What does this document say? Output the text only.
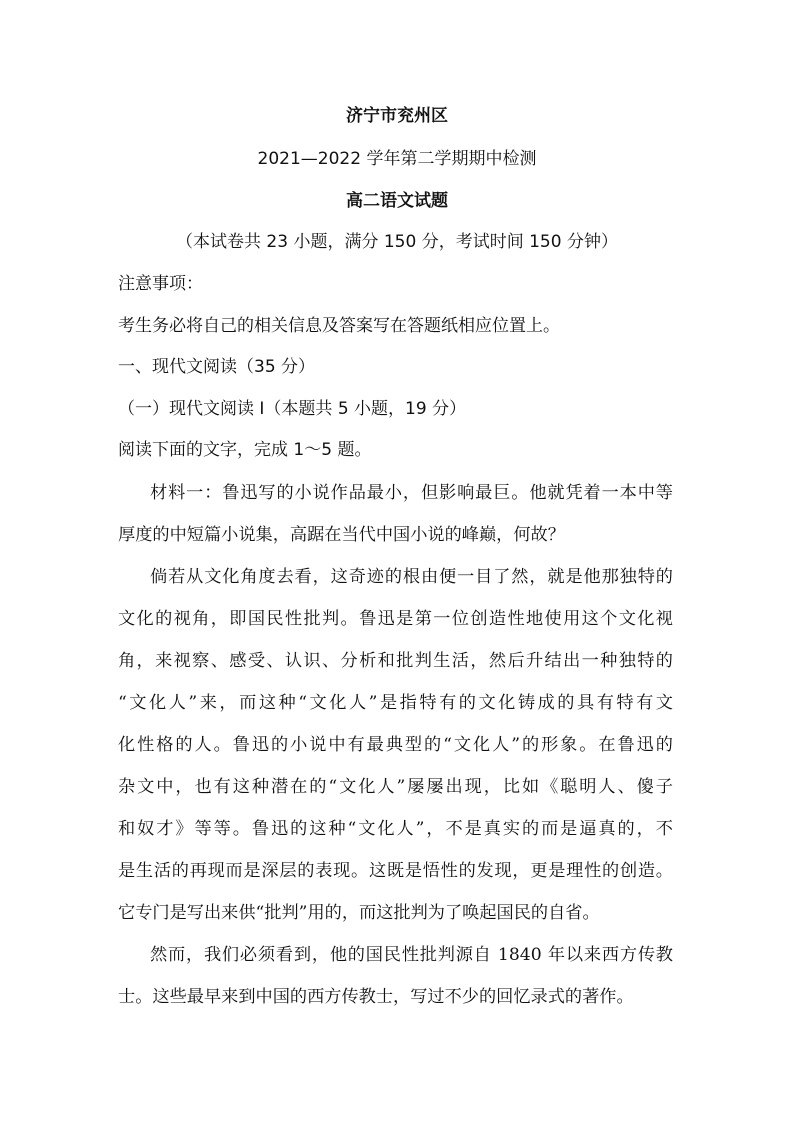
济宁市兖州区
2021—2022 学年第二学期期中检测
高二语文试题
（本试卷共 23 小题，满分 150 分，考试时间 150 分钟）
注意事项：
考生务必将自己的相关信息及答案写在答题纸相应位置上。
一、现代文阅读（35 分）
（一）现代文阅读 I（本题共 5 小题，19 分）
阅读下面的文字，完成 1～5 题。
材料一：鲁迅写的小说作品最小，但影响最巨。他就凭着一本中等
厚度的中短篇小说集，高踞在当代中国小说的峰巅，何故？
倘若从文化角度去看，这奇迹的根由便一目了然，就是他那独特的
文化的视角，即国民性批判。鲁迅是第一位创造性地使用这个文化视
角，来视察、感受、认识、分析和批判生活，然后升结出一种独特的
“文化人”来，而这种“文化人”是指特有的文化铸成的具有特有文
化性格的人。鲁迅的小说中有最典型的“文化人”的形象。在鲁迅的
杂文中，也有这种潜在的“文化人”屡屡出现，比如《聪明人、傻子
和奴才》等等。鲁迅的这种“文化人”，不是真实的而是逼真的，不
是生活的再现而是深层的表现。这既是悟性的发现，更是理性的创造。
它专门是写出来供“批判”用的，而这批判为了唤起国民的自省。
然而，我们必须看到，他的国民性批判源自 1840 年以来西方传教
士。这些最早来到中国的西方传教士，写过不少的回忆录式的著作。
